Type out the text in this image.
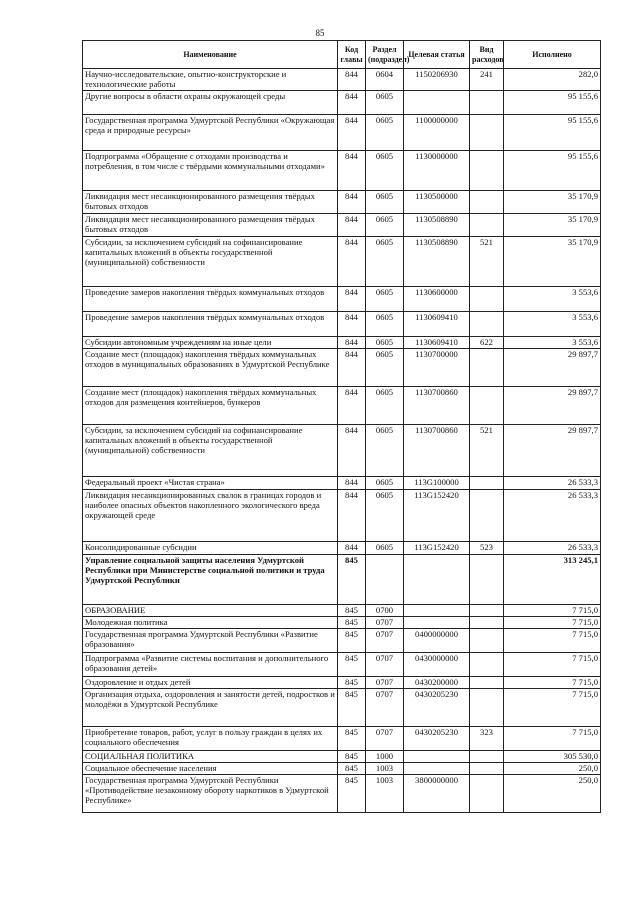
85
Наименование	Код главы	Раздел (подраздел)	Целевая статья	Вид расходов	Исполнено
Научно-исследовательские, опытно-конструкторские и технологические работы	844	0604	1150206930	241	282,0
Другие вопросы в области охраны окружающей среды	844	0605			95 155,6
Государственная программа Удмуртской Республики «Окружающая среда и природные ресурсы»	844	0605	1100000000		95 155,6
Подпрограмма «Обращение с отходами производства и потребления, в том числе с твёрдыми коммунальными отходами»	844	0605	1130000000		95 155,6
Ликвидация мест несанкционированного размещения твёрдых бытовых отходов	844	0605	1130500000		35 170,9
Ликвидация мест несанкционированного размещения твёрдых бытовых отходов	844	0605	1130508890		35 170,9
Субсидии, за исключением субсидий на софинансирование капитальных вложений в объекты государственной (муниципальной) собственности	844	0605	1130508890	521	35 170,9
Проведение замеров накопления твёрдых коммунальных отходов	844	0605	1130600000		3 553,6
Проведение замеров накопления твёрдых коммунальных отходов	844	0605	1130609410		3 553,6
Субсидии автономным учреждениям на иные цели	844	0605	1130609410	622	3 553,6
Создание мест (площадок) накопления твёрдых коммунальных отходов в муниципальных образованиях в Удмуртской Республике	844	0605	1130700000		29 897,7
Создание мест (площадок) накопления твёрдых коммунальных отходов для размещения контейнеров, бункеров	844	0605	1130700860		29 897,7
Субсидии, за исключением субсидий на софинансирование капитальных вложений в объекты государственной (муниципальной) собственности	844	0605	1130700860	521	29 897,7
Федеральный проект «Чистая страна»	844	0605	113G100000		26 533,3
Ликвидация несанкционированных свалок в границах городов и наиболее опасных объектов накопленного экологического вреда окружающей среде	844	0605	113G152420		26 533,3
Консолидированные субсидии	844	0605	113G152420	523	26 533,3
Управление социальной защиты населения Удмуртской Республики при Министерстве социальной политики и труда Удмуртской Республики	845				313 245,1
ОБРАЗОВАНИЕ	845	0700			7 715,0
Молодежная политика	845	0707			7 715,0
Государственная программа Удмуртской Республики «Развитие образования»	845	0707	0400000000		7 715,0
Подпрограмма «Развитие системы воспитания и дополнительного образования детей»	845	0707	0430000000		7 715,0
Оздоровление и отдых детей	845	0707	0430200000		7 715,0
Организация отдыха, оздоровления и занятости детей, подростков и молодёжи в Удмуртской Республике	845	0707	0430205230		7 715,0
Приобретение товаров, работ, услуг в пользу граждан в целях их социального обеспечения	845	0707	0430205230	323	7 715,0
СОЦИАЛЬНАЯ ПОЛИТИКА	845	1000			305 530,0
Социальное обеспечение населения	845	1003			250,0
Государственная программа Удмуртской Республики «Противодействие незаконному обороту наркотиков в Удмуртской Республике»	845	1003	3800000000		250,0
